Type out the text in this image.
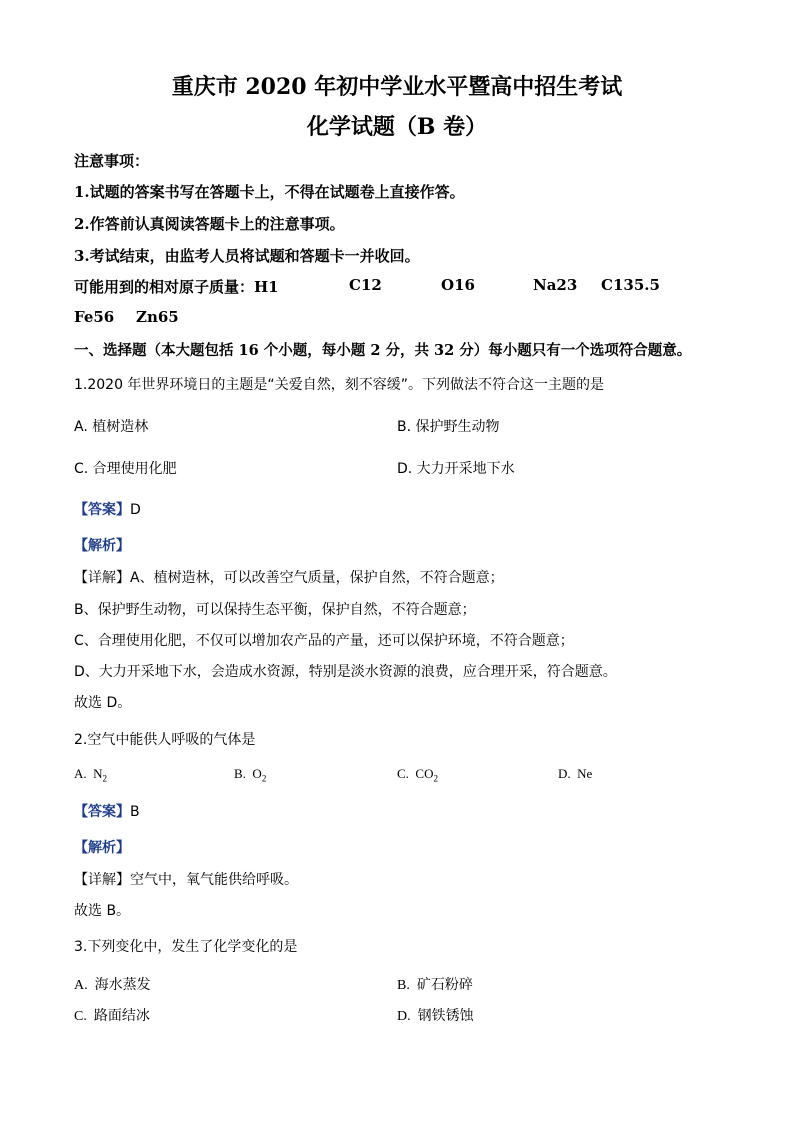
重庆市 2020 年初中学业水平暨高中招生考试
化学试题（B 卷）
注意事项：
1.试题的答案书写在答题卡上，不得在试题卷上直接作答。
2.作答前认真阅读答题卡上的注意事项。
3.考试结束，由监考人员将试题和答题卡一并收回。
可能用到的相对原子质量：H1	C12	O16	Na23 C135.5
Fe56 Zn65
一、选择题（本大题包括 16 个小题，每小题 2 分，共 32 分）每小题只有一个选项符合题意。
1.2020 年世界环境日的主题是“关爱自然，刻不容缓”。下列做法不符合这一主题的是
A. 植树造林	B. 保护野生动物
C. 合理使用化肥	D. 大力开采地下水
【答案】D
【解析】
【详解】A、植树造林，可以改善空气质量，保护自然，不符合题意；
B、保护野生动物，可以保持生态平衡，保护自然，不符合题意；
C、合理使用化肥，不仅可以增加农产品的产量，还可以保护环境，不符合题意；
D、大力开采地下水，会造成水资源，特别是淡水资源的浪费，应合理开采，符合题意。
故选 D。
2.空气中能供人呼吸的气体是
A. $N_2$	B. $O_2$	C. $CO_2$	D. Ne
【答案】B
【解析】
【详解】空气中，氧气能供给呼吸。
故选 B。
3.下列变化中，发生了化学变化的是
A. 海水蒸发	B. 矿石粉碎
C. 路面结冰	D. 钢铁锈蚀
